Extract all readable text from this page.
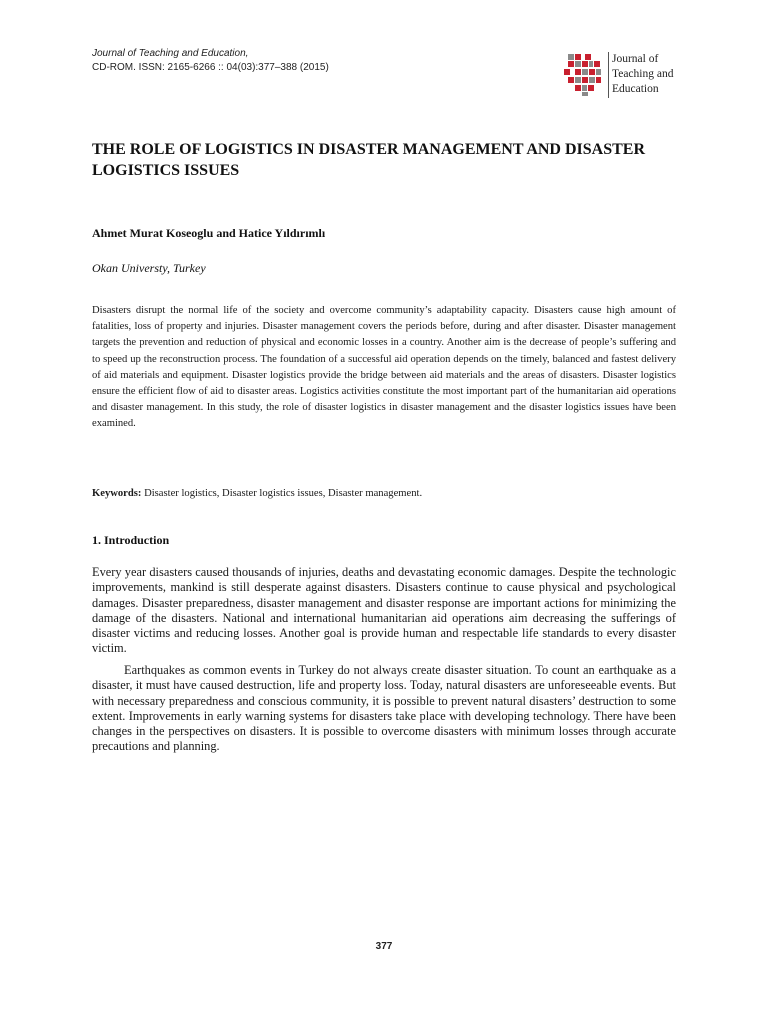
Journal of Teaching and Education,
CD-ROM. ISSN: 2165-6266 :: 04(03):377–388 (2015)
Journal of
Teaching and
Education
THE ROLE OF LOGISTICS IN DISASTER MANAGEMENT AND DISASTER LOGISTICS ISSUES

Ahmet Murat Koseoglu and Hatice Yıldırımlı

Okan Universty, Turkey

Disasters disrupt the normal life of the society and overcome community’s adaptability capacity. Disasters cause high amount of fatalities, loss of property and injuries. Disaster management covers the periods before, during and after disaster. Disaster management targets the prevention and reduction of physical and economic losses in a country. Another aim is the decrease of people’s suffering and to speed up the reconstruction process. The foundation of a successful aid operation depends on the timely, balanced and fastest delivery of aid materials and equipment. Disaster logistics provide the bridge between aid materials and the areas of disasters. Disaster logistics ensure the efficient flow of aid to disaster areas. Logistics activities constitute the most important part of the humanitarian aid operations and disaster management. In this study, the role of disaster logistics in disaster management and the disaster logistics issues have been examined.

Keywords: Disaster logistics, Disaster logistics issues, Disaster management.

1. Introduction

Every year disasters caused thousands of injuries, deaths and devastating economic damages. Despite the technologic improvements, mankind is still desperate against disasters. Disasters continue to cause physical and psychological damages. Disaster preparedness, disaster management and disaster response are important actions for minimizing the damage of the disasters. National and international humanitarian aid operations aim decreasing the sufferings of disaster victims and reducing losses. Another goal is provide human and respectable life standards to every disaster victim.

Earthquakes as common events in Turkey do not always create disaster situation. To count an earthquake as a disaster, it must have caused destruction, life and property loss. Today, natural disasters are unforeseeable events. But with necessary preparedness and conscious community, it is possible to prevent natural disasters’ destruction to some extent. Improvements in early warning systems for disasters take place with developing technology. There have been changes in the perspectives on disasters. It is possible to overcome disasters with minimum losses through accurate precautions and planning.

377
